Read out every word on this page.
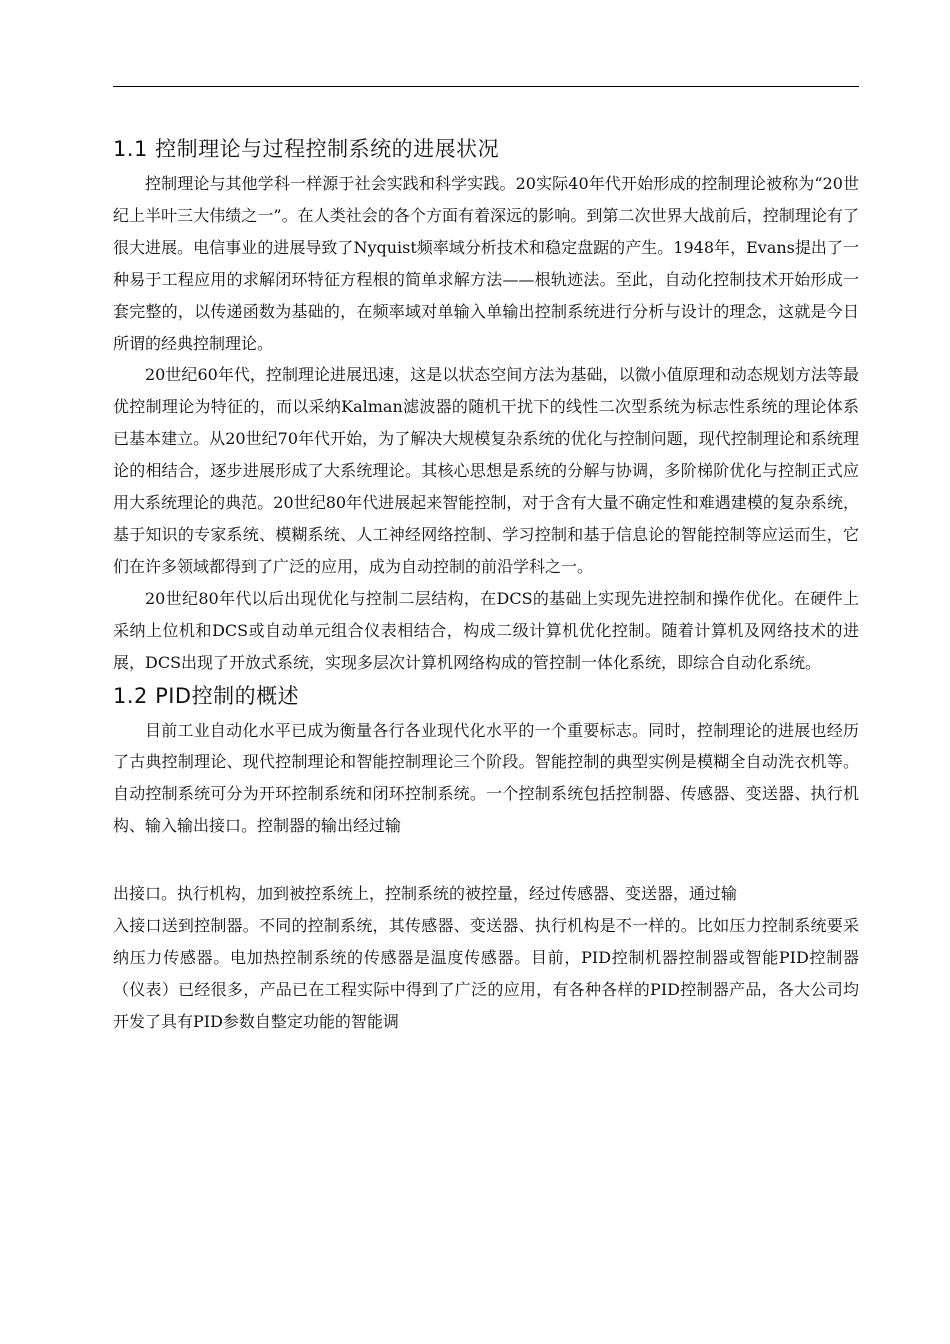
1.1 控制理论与过程控制系统的进展状况

控制理论与其他学科一样源于社会实践和科学实践。20实际40年代开始形成的控制理论被称为“20世纪上半叶三大伟绩之一”。在人类社会的各个方面有着深远的影响。到第二次世界大战前后，控制理论有了很大进展。电信事业的进展导致了Nyquist频率域分析技术和稳定盘踞的产生。1948年，Evans提出了一种易于工程应用的求解闭环特征方程根的简单求解方法——根轨迹法。至此，自动化控制技术开始形成一套完整的，以传递函数为基础的，在频率域对单输入单输出控制系统进行分析与设计的理念，这就是今日所谓的经典控制理论。

20世纪60年代，控制理论进展迅速，这是以状态空间方法为基础，以微小值原理和动态规划方法等最优控制理论为特征的，而以采纳Kalman滤波器的随机干扰下的线性二次型系统为标志性系统的理论体系已基本建立。从20世纪70年代开始，为了解决大规模复杂系统的优化与控制问题，现代控制理论和系统理论的相结合，逐步进展形成了大系统理论。其核心思想是系统的分解与协调，多阶梯阶优化与控制正式应用大系统理论的典范。20世纪80年代进展起来智能控制，对于含有大量不确定性和难遇建模的复杂系统，基于知识的专家系统、模糊系统、人工神经网络控制、学习控制和基于信息论的智能控制等应运而生，它们在许多领域都得到了广泛的应用，成为自动控制的前沿学科之一。

20世纪80年代以后出现优化与控制二层结构，在DCS的基础上实现先进控制和操作优化。在硬件上采纳上位机和DCS或自动单元组合仪表相结合，构成二级计算机优化控制。随着计算机及网络技术的进展，DCS出现了开放式系统，实现多层次计算机网络构成的管控制一体化系统，即综合自动化系统。

1.2 PID控制的概述

目前工业自动化水平已成为衡量各行各业现代化水平的一个重要标志。同时，控制理论的进展也经历了古典控制理论、现代控制理论和智能控制理论三个阶段。智能控制的典型实例是模糊全自动洗衣机等。自动控制系统可分为开环控制系统和闭环控制系统。一个控制系统包括控制器、传感器、变送器、执行机构、输入输出接口。控制器的输出经过输

出接口。执行机构，加到被控系统上，控制系统的被控量，经过传感器、变送器，通过输

入接口送到控制器。不同的控制系统，其传感器、变送器、执行机构是不一样的。比如压力控制系统要采纳压力传感器。电加热控制系统的传感器是温度传感器。目前，PID控制机器控制器或智能PID控制器（仪表）已经很多，产品已在工程实际中得到了广泛的应用，有各种各样的PID控制器产品，各大公司均开发了具有PID参数自整定功能的智能调
